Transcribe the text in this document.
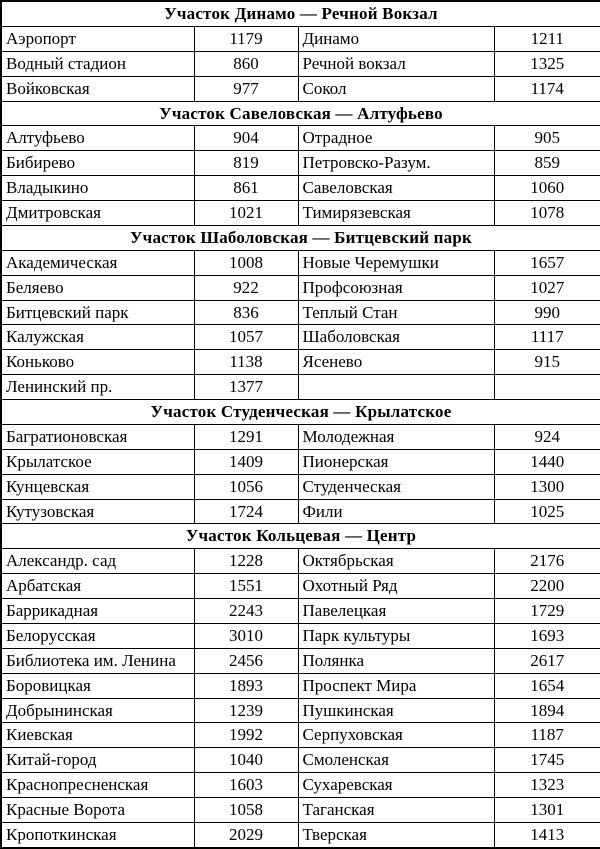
Участок Динамо — Речной Вокзал			
Аэропорт	1179	Динамо	1211
Водный стадион	860	Речной вокзал	1325
Войковская	977	Сокол	1174
Участок Савеловская — Алтуфьево			
Алтуфьево	904	Отрадное	905
Бибирево	819	Петровско-Разум.	859
Владыкино	861	Савеловская	1060
Дмитровская	1021	Тимирязевская	1078
Участок Шаболовская — Битцевский парк			
Академическая	1008	Новые Черемушки	1657
Беляево	922	Профсоюзная	1027
Битцевский парк	836	Теплый Стан	990
Калужская	1057	Шаболовская	1117
Коньково	1138	Ясенево	915
Ленинский пр.	1377		
Участок Студенческая — Крылатское			
Багратионовская	1291	Молодежная	924
Крылатское	1409	Пионерская	1440
Кунцевская	1056	Студенческая	1300
Кутузовская	1724	Фили	1025
Участок Кольцевая — Центр			
Александр. сад	1228	Октябрьская	2176
Арбатская	1551	Охотный Ряд	2200
Баррикадная	2243	Павелецкая	1729
Белорусская	3010	Парк культуры	1693
Библиотека им. Ленина	2456	Полянка	2617
Боровицкая	1893	Проспект Мира	1654
Добрынинская	1239	Пушкинская	1894
Киевская	1992	Серпуховская	1187
Китай-город	1040	Смоленская	1745
Краснопресненская	1603	Сухаревская	1323
Красные Ворота	1058	Таганская	1301
Кропоткинская	2029	Тверская	1413
